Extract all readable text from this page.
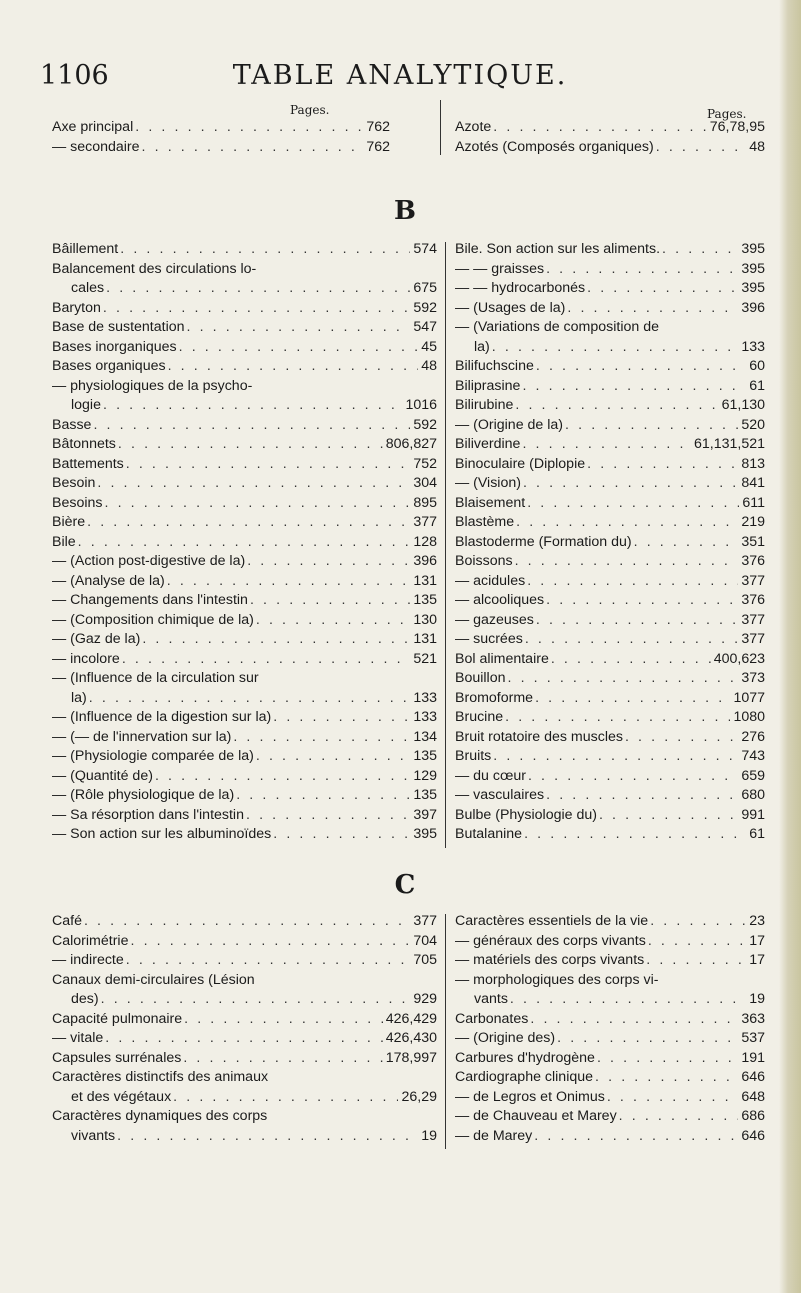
1106	TABLE ANALYTIQUE.
Pages.	Pages.
Axe principal . . .	762
— secondaire . . .	762
Azote . . .	76,78,95
Azotés (Composés organiques) . . .	48
B
Bâillement . . .	574
Balancement des circulations lo-
cales . . .	675
Baryton . . .	592
Base de sustentation . . .	547
Bases inorganiques . . .	45
Bases organiques . . .	48
— physiologiques de la psycho-
logie . . .	1016
Basse . . .	592
Bâtonnets . . .	806,827
Battements . . .	752
Besoin . . .	304
Besoins . . .	895
Bière . . .	377
Bile . . .	128
— (Action post-digestive de la) . . .	396
— (Analyse de la) . . .	131
— Changements dans l'intestin . . .	135
— (Composition chimique de la) . . .	130
— (Gaz de la) . . .	131
— incolore . . .	521
— (Influence de la circulation sur
la) . . .	133
— (Influence de la digestion sur la) . . .	133
— (— de l'innervation sur la) . . .	134
— (Physiologie comparée de la) . . .	135
— (Quantité de) . . .	129
— (Rôle physiologique de la) . . .	135
— Sa résorption dans l'intestin . . .	397
— Son action sur les albuminoïdes . . .	395
Bile. Son action sur les aliments. . . .	395
— — graisses . . .	395
— — hydrocarbonés . . .	395
— (Usages de la) . . .	396
— (Variations de composition de
la) . . .	133
Bilifuchscine . . .	60
Biliprasine . . .	61
Bilirubine . . .	61,130
— (Origine de la) . . .	520
Biliverdine . . .	61,131,521
Binoculaire (Diplopie . . .	813
— (Vision) . . .	841
Blaisement . . .	611
Blastème . . .	219
Blastoderme (Formation du) . . .	351
Boissons . . .	376
— acidules . . .	377
— alcooliques . . .	376
— gazeuses . . .	377
— sucrées . . .	377
Bol alimentaire . . .	400,623
Bouillon . . .	373
Bromoforme . . .	1077
Brucine . . .	1080
Bruit rotatoire des muscles . . .	276
Bruits . . .	743
— du cœur . . .	659
— vasculaires . . .	680
Bulbe (Physiologie du) . . .	991
Butalanine . . .	61
C
Café . . .	377
Calorimétrie . . .	704
— indirecte . . .	705
Canaux demi-circulaires (Lésion
des) . . .	929
Capacité pulmonaire . . .	426,429
— vitale . . .	426,430
Capsules surrénales . . .	178,997
Caractères distinctifs des animaux
et des végétaux . . .	26,29
Caractères dynamiques des corps
vivants . . .	19
Caractères essentiels de la vie . . .	23
— généraux des corps vivants . . .	17
— matériels des corps vivants . . .	17
— morphologiques des corps vi-
vants . . .	19
Carbonates . . .	363
— (Origine des) . . .	537
Carbures d'hydrogène . . .	191
Cardiographe clinique . . .	646
— de Legros et Onimus . . .	648
— de Chauveau et Marey . . .	686
— de Marey . . .	646
